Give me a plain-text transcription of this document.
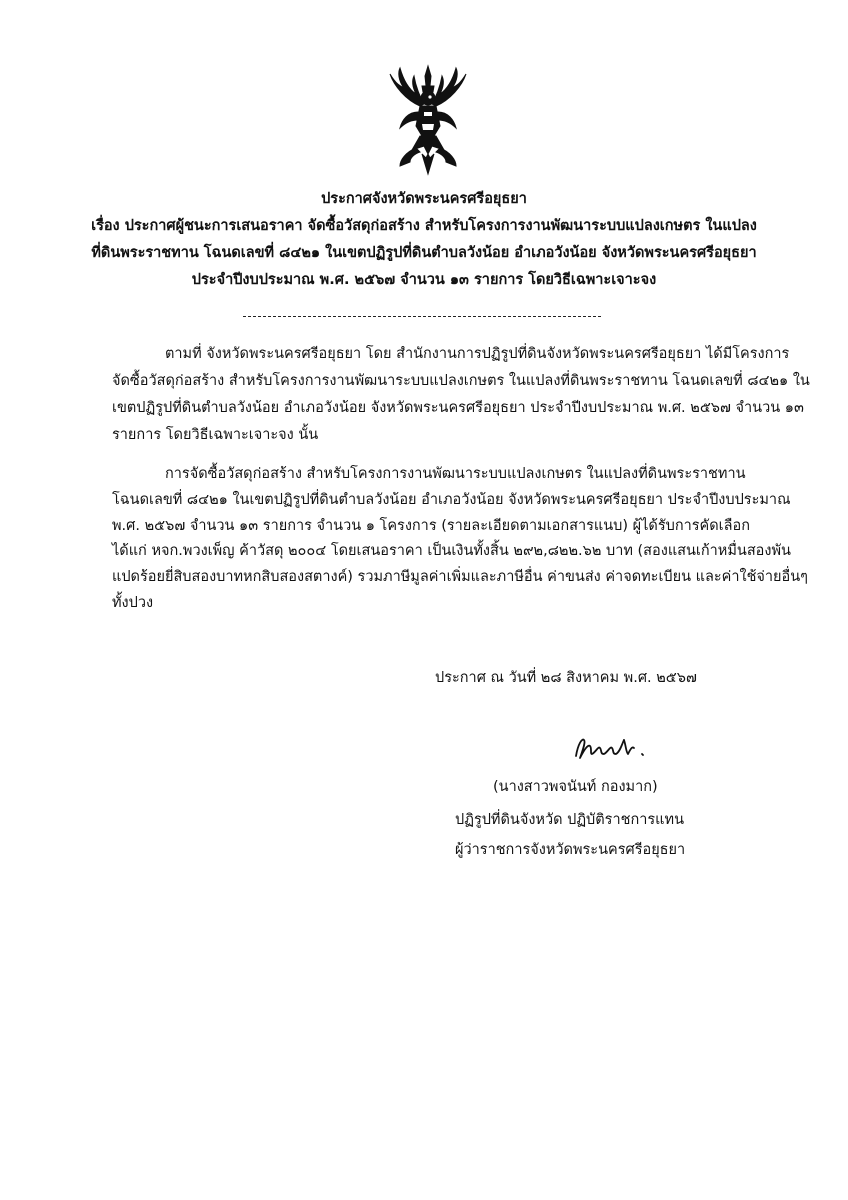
ประกาศจังหวัดพระนครศรีอยุธยา
เรื่อง ประกาศผู้ชนะการเสนอราคา จัดซื้อวัสดุก่อสร้าง สำหรับโครงการงานพัฒนาระบบแปลงเกษตร ในแปลง
ที่ดินพระราชทาน โฉนดเลขที่ ๘๔๒๑ ในเขตปฏิรูปที่ดินตำบลวังน้อย อำเภอวังน้อย จังหวัดพระนครศรีอยุธยา
ประจำปีงบประมาณ พ.ศ. ๒๕๖๗ จำนวน ๑๓ รายการ โดยวิธีเฉพาะเจาะจง
ตามที่ จังหวัดพระนครศรีอยุธยา โดย สำนักงานการปฏิรูปที่ดินจังหวัดพระนครศรีอยุธยา ได้มีโครงการ
จัดซื้อวัสดุก่อสร้าง สำหรับโครงการงานพัฒนาระบบแปลงเกษตร ในแปลงที่ดินพระราชทาน โฉนดเลขที่ ๘๔๒๑ ใน
เขตปฏิรูปที่ดินตำบลวังน้อย อำเภอวังน้อย จังหวัดพระนครศรีอยุธยา ประจำปีงบประมาณ พ.ศ. ๒๕๖๗ จำนวน ๑๓
รายการ โดยวิธีเฉพาะเจาะจง นั้น
การจัดซื้อวัสดุก่อสร้าง สำหรับโครงการงานพัฒนาระบบแปลงเกษตร ในแปลงที่ดินพระราชทาน
โฉนดเลขที่ ๘๔๒๑ ในเขตปฏิรูปที่ดินตำบลวังน้อย อำเภอวังน้อย จังหวัดพระนครศรีอยุธยา ประจำปีงบประมาณ
พ.ศ. ๒๕๖๗ จำนวน ๑๓ รายการ จำนวน ๑ โครงการ (รายละเอียดตามเอกสารแนบ) ผู้ได้รับการคัดเลือก
ได้แก่ หจก.พวงเพ็ญ ค้าวัสดุ ๒๐๐๔ โดยเสนอราคา เป็นเงินทั้งสิ้น ๒๙๒,๘๒๒.๖๒ บาท (สองแสนเก้าหมื่นสองพัน
แปดร้อยยี่สิบสองบาทหกสิบสองสตางค์) รวมภาษีมูลค่าเพิ่มและภาษีอื่น ค่าขนส่ง ค่าจดทะเบียน และค่าใช้จ่ายอื่นๆ
ทั้งปวง
ประกาศ ณ วันที่ ๒๘ สิงหาคม พ.ศ. ๒๕๖๗
(นางสาวพจนันท์ กองมาก)
ปฏิรูปที่ดินจังหวัด ปฏิบัติราชการแทน
ผู้ว่าราชการจังหวัดพระนครศรีอยุธยา
